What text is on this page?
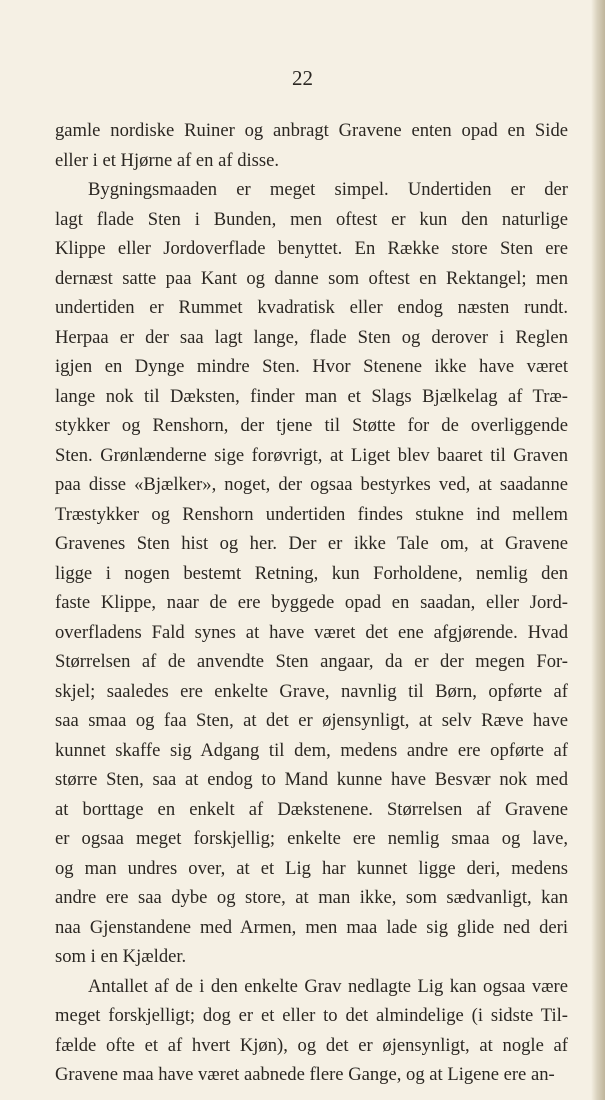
22

gamle nordiske Ruiner og anbragt Gravene enten opad en Side
eller i et Hjørne af en af disse.
Bygningsmaaden er meget simpel. Undertiden er der
lagt flade Sten i Bunden, men oftest er kun den naturlige
Klippe eller Jordoverflade benyttet. En Række store Sten ere
dernæst satte paa Kant og danne som oftest en Rektangel; men
undertiden er Rummet kvadratisk eller endog næsten rundt.
Herpaa er der saa lagt lange, flade Sten og derover i Reglen
igjen en Dynge mindre Sten. Hvor Stenene ikke have været
lange nok til Dæksten, finder man et Slags Bjælkelag af Træ-
stykker og Renshorn, der tjene til Støtte for de overliggende
Sten. Grønlænderne sige forøvrigt, at Liget blev baaret til Graven
paa disse «Bjælker», noget, der ogsaa bestyrkes ved, at saadanne
Træstykker og Renshorn undertiden findes stukne ind mellem
Gravenes Sten hist og her. Der er ikke Tale om, at Gravene
ligge i nogen bestemt Retning, kun Forholdene, nemlig den
faste Klippe, naar de ere byggede opad en saadan, eller Jord-
overfladens Fald synes at have været det ene afgjørende. Hvad
Størrelsen af de anvendte Sten angaar, da er der megen For-
skjel; saaledes ere enkelte Grave, navnlig til Børn, opførte af
saa smaa og faa Sten, at det er øjensynligt, at selv Ræve have
kunnet skaffe sig Adgang til dem, medens andre ere opførte af
større Sten, saa at endog to Mand kunne have Besvær nok med
at borttage en enkelt af Dækstenene. Størrelsen af Gravene
er ogsaa meget forskjellig; enkelte ere nemlig smaa og lave,
og man undres over, at et Lig har kunnet ligge deri, medens
andre ere saa dybe og store, at man ikke, som sædvanligt, kan
naa Gjenstandene med Armen, men maa lade sig glide ned deri
som i en Kjælder.
Antallet af de i den enkelte Grav nedlagte Lig kan ogsaa være
meget forskjelligt; dog er et eller to det almindelige (i sidste Til-
fælde ofte et af hvert Kjøn), og det er øjensynligt, at nogle af
Gravene maa have været aabnede flere Gange, og at Ligene ere an-
